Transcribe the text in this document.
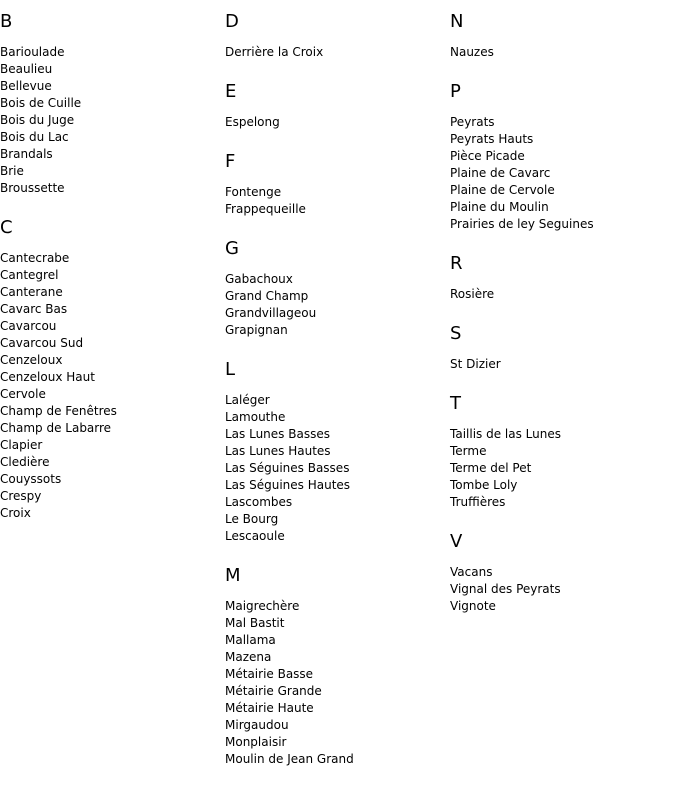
B
Barioulade
Beaulieu
Bellevue
Bois de Cuille
Bois du Juge
Bois du Lac
Brandals
Brie
Broussette
C
Cantecrabe
Cantegrel
Canterane
Cavarc Bas
Cavarcou
Cavarcou Sud
Cenzeloux
Cenzeloux Haut
Cervole
Champ de Fenêtres
Champ de Labarre
Clapier
Cledière
Couyssots
Crespy
Croix
D
Derrière la Croix
E
Espelong
F
Fontenge
Frappequeille
G
Gabachoux
Grand Champ
Grandvillageou
Grapignan
L
Laléger
Lamouthe
Las Lunes Basses
Las Lunes Hautes
Las Séguines Basses
Las Séguines Hautes
Lascombes
Le Bourg
Lescaoule
M
Maigrechère
Mal Bastit
Mallama
Mazena
Métairie Basse
Métairie Grande
Métairie Haute
Mirgaudou
Monplaisir
Moulin de Jean Grand
N
Nauzes
P
Peyrats
Peyrats Hauts
Pièce Picade
Plaine de Cavarc
Plaine de Cervole
Plaine du Moulin
Prairies de ley Seguines
R
Rosière
S
St Dizier
T
Taillis de las Lunes
Terme
Terme del Pet
Tombe Loly
Truffières
V
Vacans
Vignal des Peyrats
Vignote
